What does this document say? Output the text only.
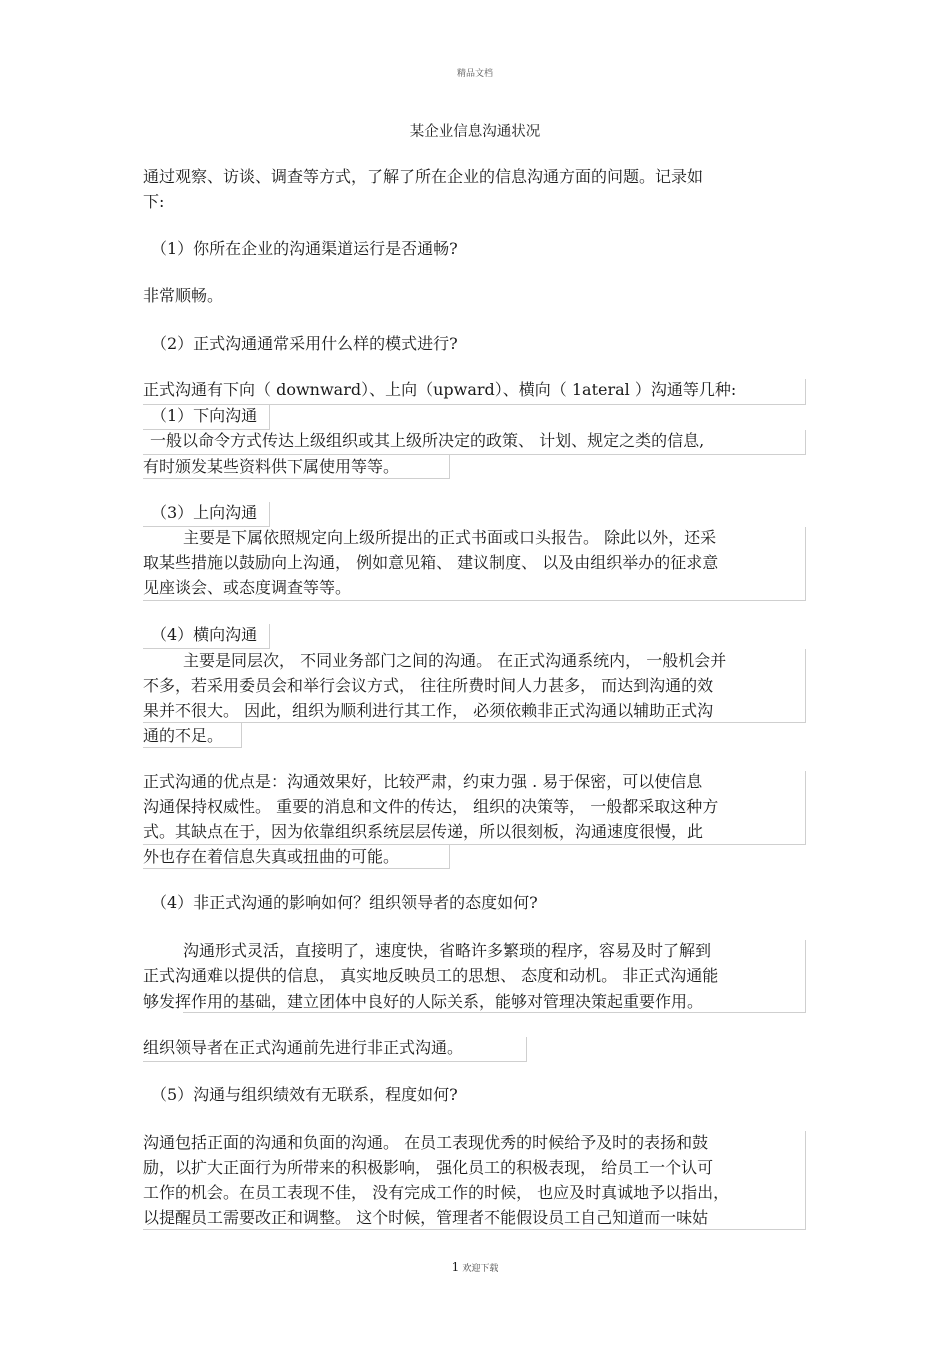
精品文档
某企业信息沟通状况
通过观察、访谈、调查等方式，了解了所在企业的信息沟通方面的问题。记录如
下:
（1）你所在企业的沟通渠道运行是否通畅?
非常顺畅。
（2）正式沟通通常采用什么样的模式进行?
正式沟通有下向（ downward）、上向（upward）、横向（ 1ateral ）沟通等几种:
（1）下向沟通
一般以命令方式传达上级组织或其上级所决定的政策、 计划、规定之类的信息,
有时颁发某些资料供下属使用等等。
（3）上向沟通
主要是下属依照规定向上级所提出的正式书面或口头报告。 除此以外，还采
取某些措施以鼓励向上沟通， 例如意见箱、 建议制度、 以及由组织举办的征求意
见座谈会、或态度调查等等。
（4）横向沟通
主要是同层次， 不同业务部门之间的沟通。 在正式沟通系统内， 一般机会并
不多，若采用委员会和举行会议方式， 往往所费时间人力甚多， 而达到沟通的效
果并不很大。 因此，组织为顺利进行其工作， 必须依赖非正式沟通以辅助正式沟
通的不足。
正式沟通的优点是：沟通效果好，比较严肃，约束力强 . 易于保密，可以使信息
沟通保持权威性。 重要的消息和文件的传达， 组织的决策等， 一般都采取这种方
式。其缺点在于，因为依靠组织系统层层传递，所以很刻板，沟通速度很慢，此
外也存在着信息失真或扭曲的可能。
（4）非正式沟通的影响如何？组织领导者的态度如何?
沟通形式灵活，直接明了，速度快，省略许多繁琐的程序，容易及时了解到
正式沟通难以提供的信息， 真实地反映员工的思想、 态度和动机。 非正式沟通能
够发挥作用的基础，建立团体中良好的人际关系，能够对管理决策起重要作用。
组织领导者在正式沟通前先进行非正式沟通。
（5）沟通与组织绩效有无联系，程度如何?
沟通包括正面的沟通和负面的沟通。 在员工表现优秀的时候给予及时的表扬和鼓
励，以扩大正面行为所带来的积极影响， 强化员工的积极表现， 给员工一个认可
工作的机会。在员工表现不佳， 没有完成工作的时候， 也应及时真诚地予以指出，
以提醒员工需要改正和调整。 这个时候，管理者不能假设员工自己知道而一味姑
1 欢迎下载
